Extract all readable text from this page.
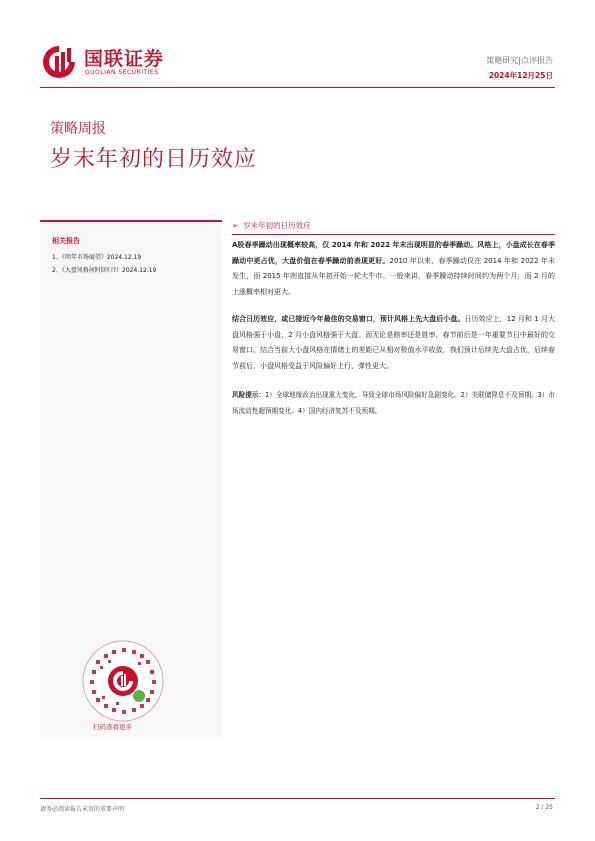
国联证券
GUOLIAN SECURITIES
策略研究|点评报告
2024年12月25日
策略周报
岁末年初的日历效应
相关报告
1、《明年市场展望》2024.12.19
2、《大盘风格何时回归?》2024.12.19
扫码查看更多
➢  岁末年初的日历效应

A股春季躁动出现概率较高，仅 2014 年和 2022 年未出现明显的春季躁动。风格上，小盘成长在春季躁动中更占优，大盘价值在春季躁动前表现更好。2010 年以来，春季躁动仅在 2014 年和 2022 年未发生，而 2015 年则直接从年初开始一轮大牛市。一般来讲，春季躁动持续时间约为两个月，而 2 月的上涨概率相对更大。

结合日历效应，或已接近今年最佳的交易窗口，预计风格上先大盘后小盘。日历效应上，12 月和 1 月大盘风格强于小盘，2 月小盘风格强于大盘。而无论是赔率还是胜率，春节前后是一年重要节日中最好的交易窗口。结合当前大小盘风格在情绪上的差距已从相对极值水平收敛，我们预计后续先大盘占优，后续春节前后，小盘风格受益于风险偏好上行，弹性更大。

风险提示：1）全球地缘政治出现重大变化，导致全球市场风险偏好急剧变化。2）美联储降息不及预期。3）市场流动性超预期变化。4）国内经济复苏不及预期。

请务必阅读报告末页的重要声明	2 / 25
